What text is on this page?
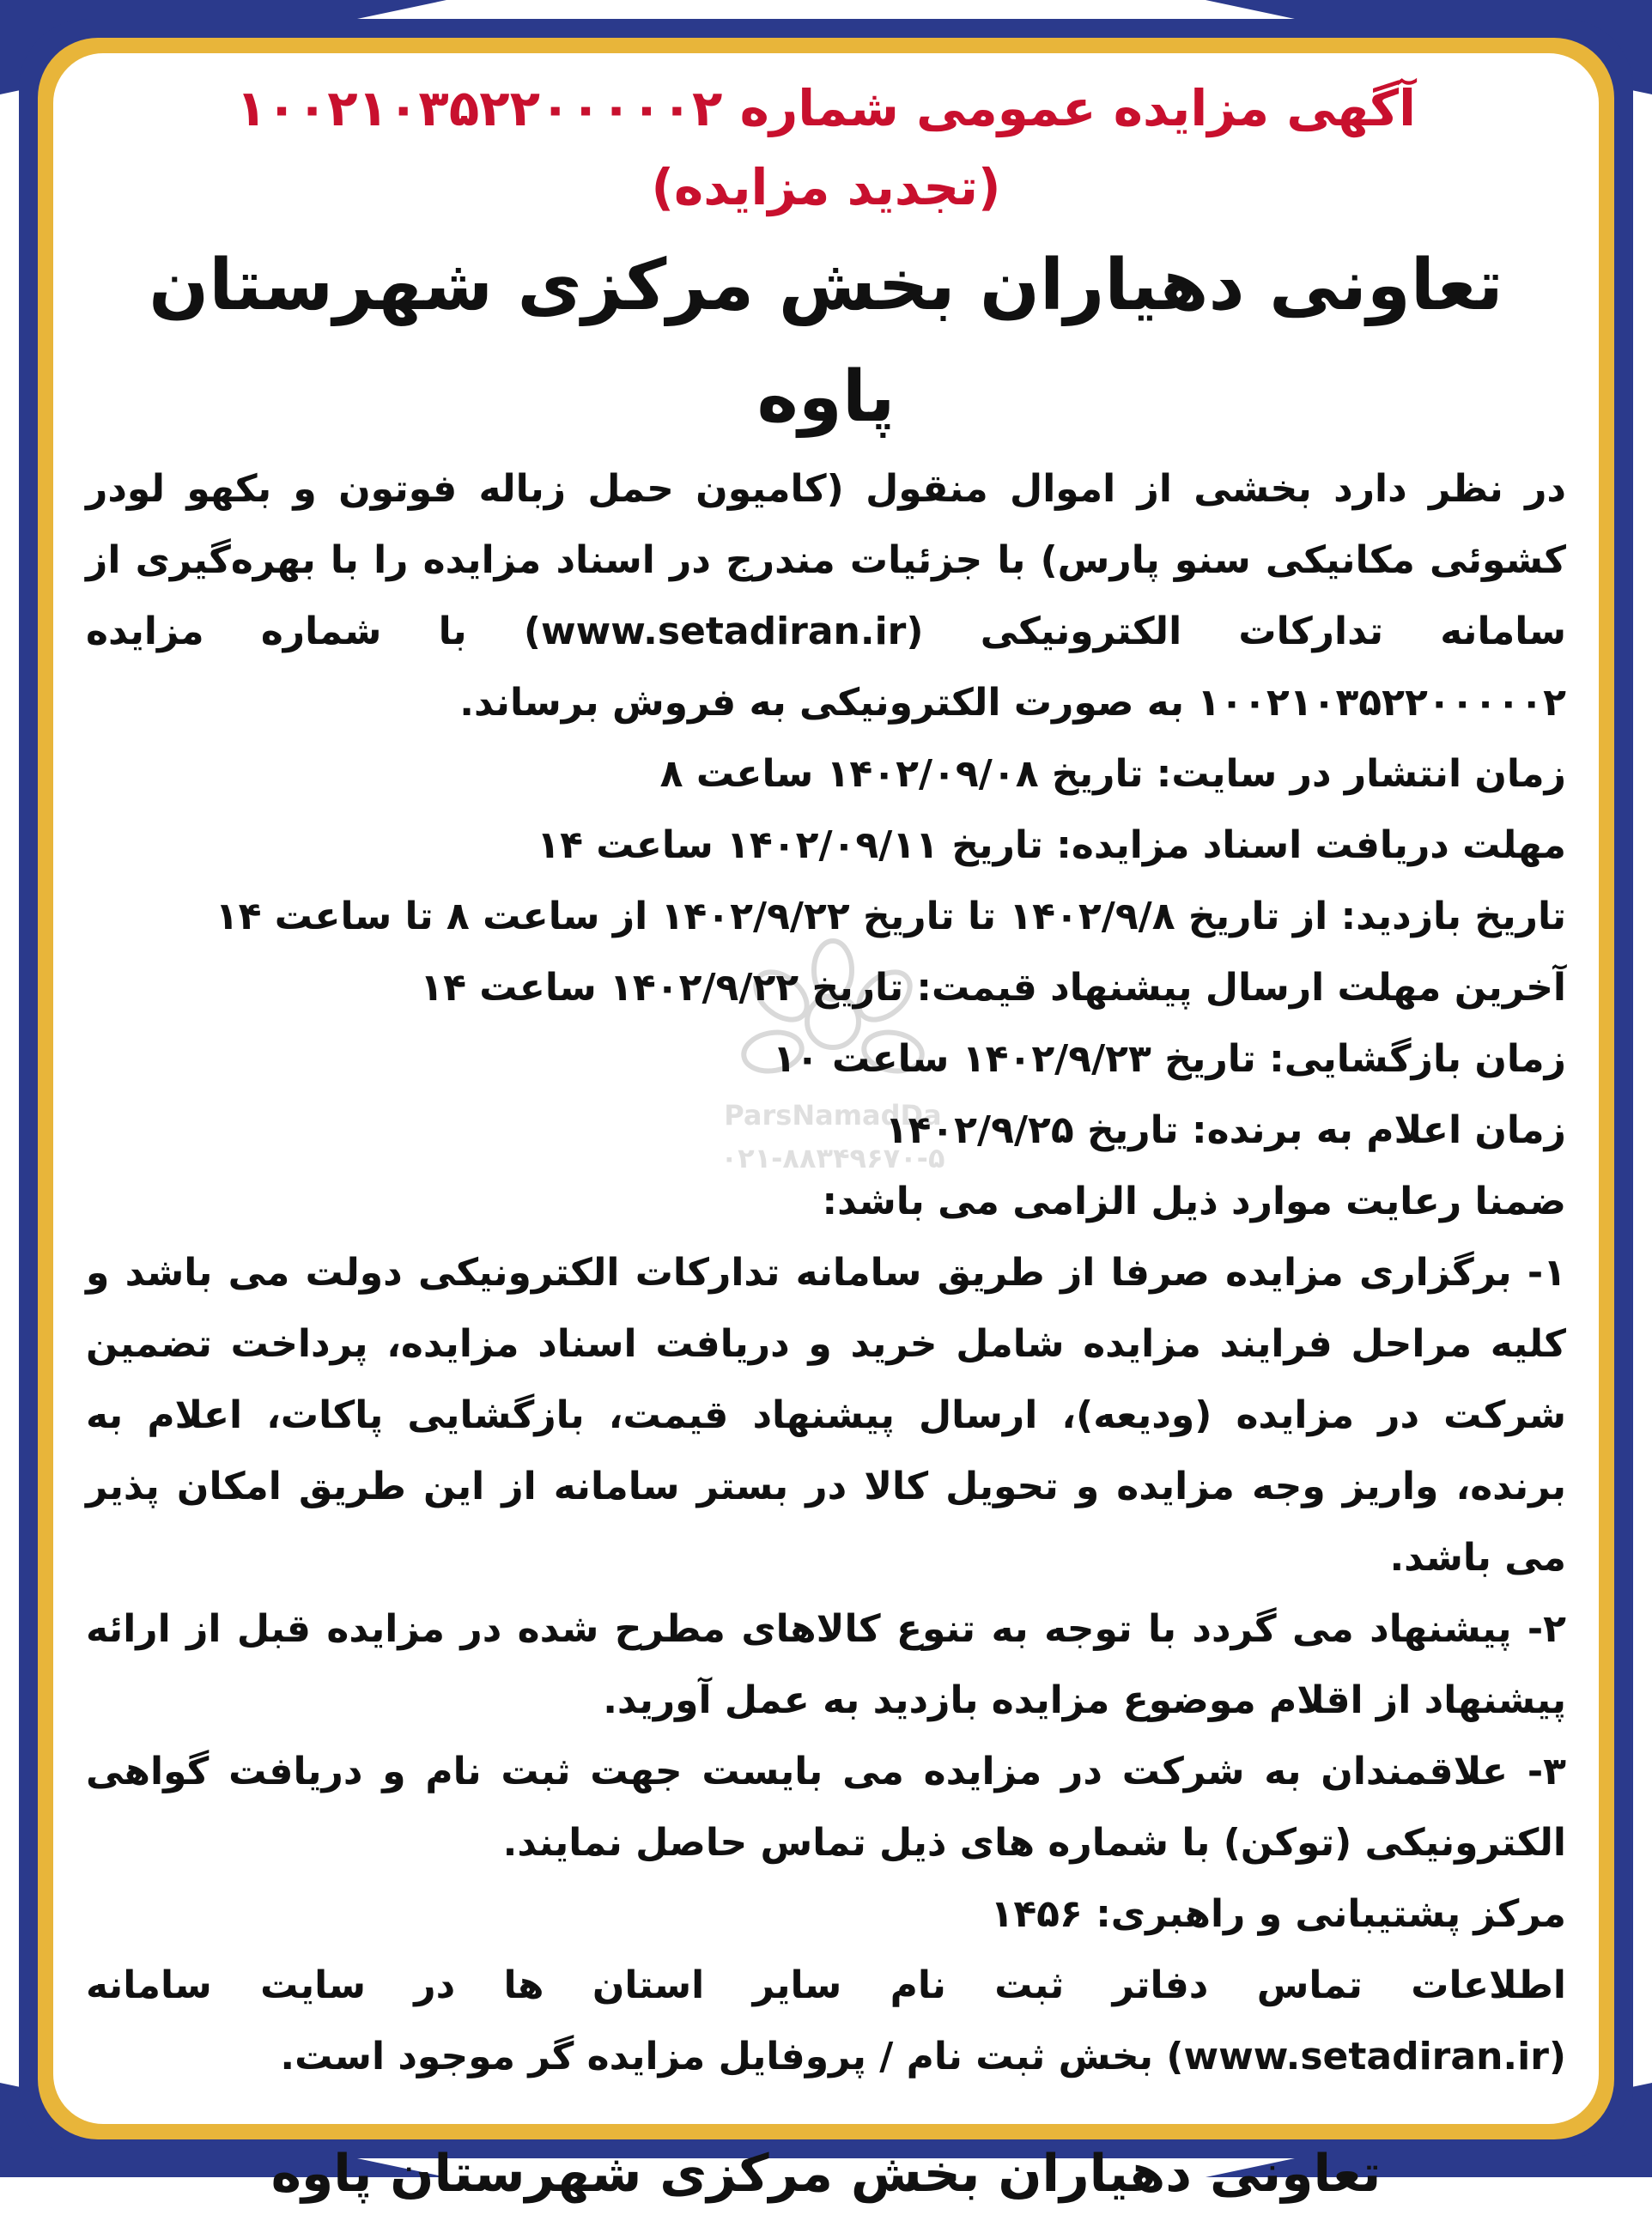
آگهی مزایده عمومی شماره ۱۰۰۲۱۰۳۵۲۲۰۰۰۰۰۲

(تجدید مزایده)

تعاونی دهیاران بخش مرکزی شهرستان پاوه

در نظر دارد بخشی از اموال منقول (کامیون حمل زباله فوتون و بکهو لودر کشوئی مکانیکی سنو پارس) با جزئیات مندرج در اسناد مزایده را با بهره‌گیری از سامانه تدارکات الکترونیکی (www.setadiran.ir) با شماره مزایده ۱۰۰۲۱۰۳۵۲۲۰۰۰۰۰۲ به صورت الکترونیکی به فروش برساند.

زمان انتشار در سایت: تاریخ ۱۴۰۲/۰۹/۰۸ ساعت ۸
مهلت دریافت اسناد مزایده: تاریخ ۱۴۰۲/۰۹/۱۱ ساعت ۱۴
تاریخ بازدید: از تاریخ ۱۴۰۲/۹/۸ تا تاریخ ۱۴۰۲/۹/۲۲ از ساعت ۸ تا ساعت ۱۴
آخرین مهلت ارسال پیشنهاد قیمت: تاریخ ۱۴۰۲/۹/۲۲ ساعت ۱۴
زمان بازگشایی: تاریخ ۱۴۰۲/۹/۲۳ ساعت ۱۰
زمان اعلام به برنده: تاریخ ۱۴۰۲/۹/۲۵
ضمنا رعایت موارد ذیل الزامی می باشد:

۱- برگزاری مزایده صرفا از طریق سامانه تدارکات الکترونیکی دولت می باشد و کلیه مراحل فرایند مزایده شامل خرید و دریافت اسناد مزایده، پرداخت تضمین شرکت در مزایده (ودیعه)، ارسال پیشنهاد قیمت، بازگشایی پاکات، اعلام به برنده، واریز وجه مزایده و تحویل کالا در بستر سامانه از این طریق امکان پذیر می باشد.

۲- پیشنهاد می گردد با توجه به تنوع کالاهای مطرح شده در مزایده قبل از ارائه پیشنهاد از اقلام موضوع مزایده بازدید به عمل آورید.

۳- علاقمندان به شرکت در مزایده می بایست جهت ثبت نام و دریافت گواهی الکترونیکی (توکن) با شماره های ذیل تماس حاصل نمایند.

مرکز پشتیبانی و راهبری: ۱۴۵۶

اطلاعات تماس دفاتر ثبت نام سایر استان ها در سایت سامانه (www.setadiran.ir) بخش ثبت نام / پروفایل مزایده گر موجود است.

تعاونی دهیاران بخش مرکزی شهرستان پاوه
